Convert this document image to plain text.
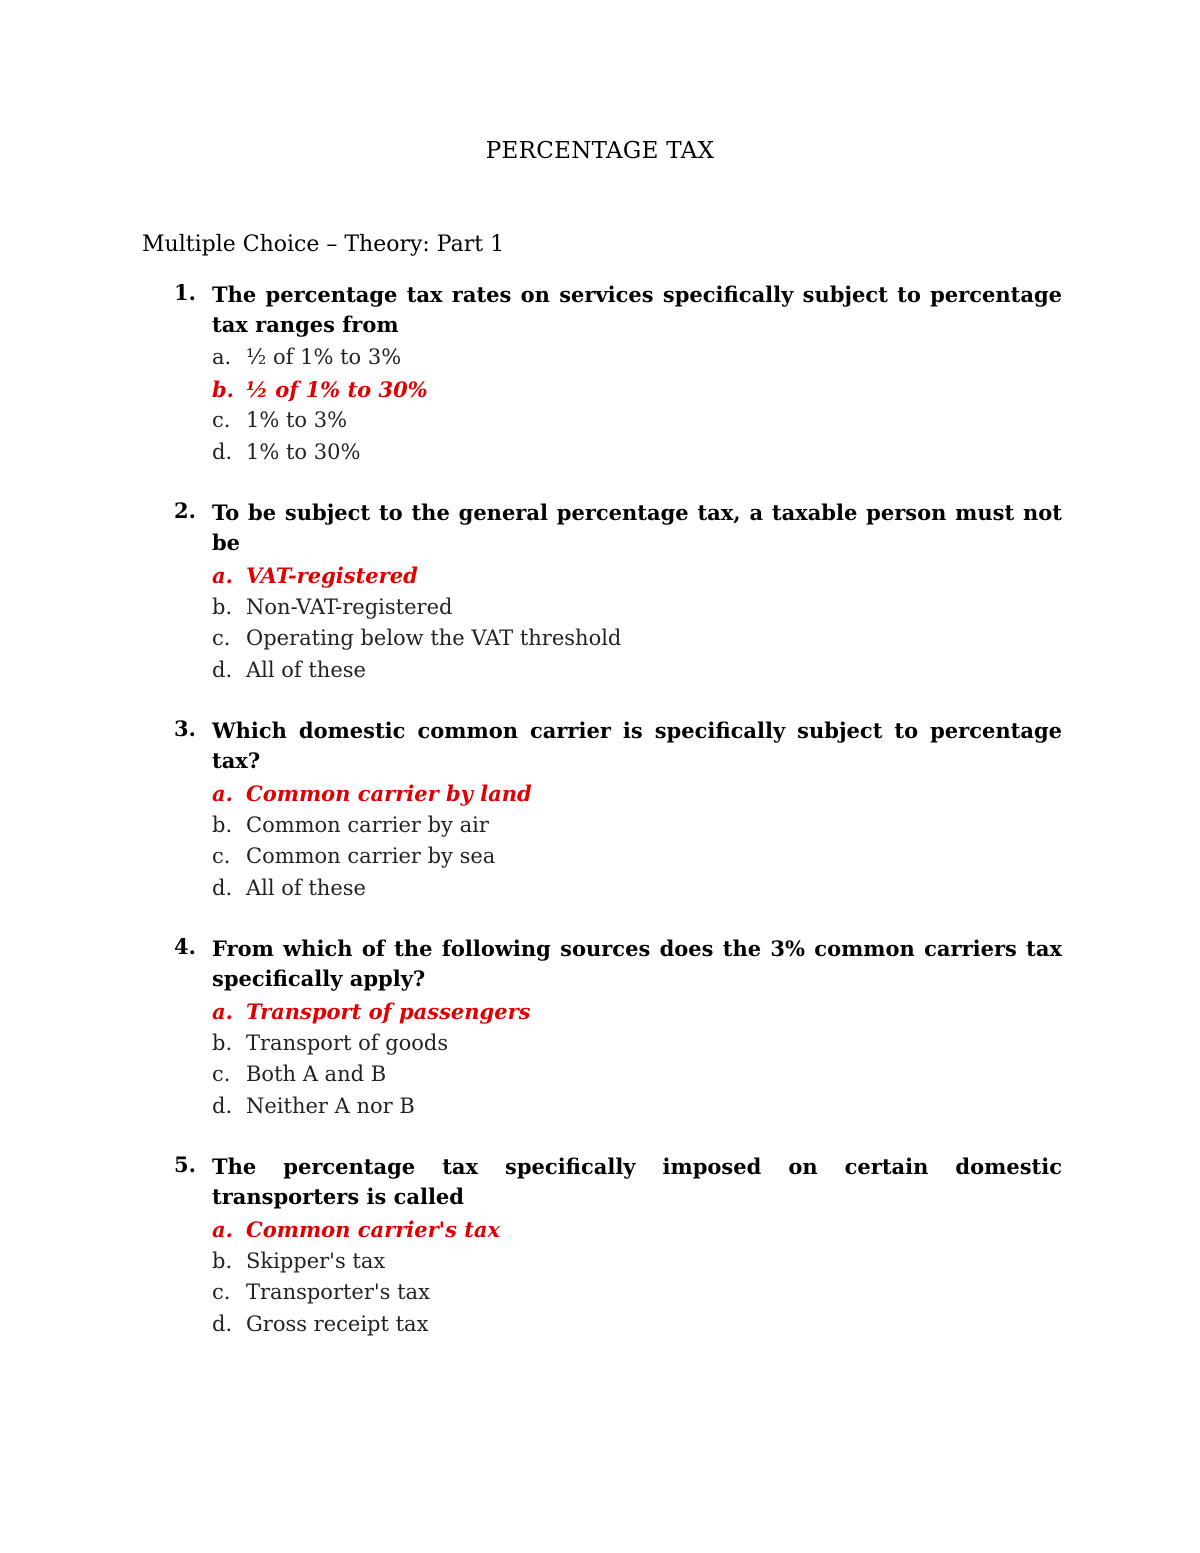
PERCENTAGE TAX
Multiple Choice – Theory: Part 1
1. The percentage tax rates on services specifically subject to percentage tax ranges from
a. ½ of 1% to 3%
b. ½ of 1% to 30%
c. 1% to 3%
d. 1% to 30%
2. To be subject to the general percentage tax, a taxable person must not be
a. VAT-registered
b. Non-VAT-registered
c. Operating below the VAT threshold
d. All of these
3. Which domestic common carrier is specifically subject to percentage tax?
a. Common carrier by land
b. Common carrier by air
c. Common carrier by sea
d. All of these
4. From which of the following sources does the 3% common carriers tax specifically apply?
a. Transport of passengers
b. Transport of goods
c. Both A and B
d. Neither A nor B
5. The percentage tax specifically imposed on certain domestic transporters is called
a. Common carrier's tax
b. Skipper's tax
c. Transporter's tax
d. Gross receipt tax
